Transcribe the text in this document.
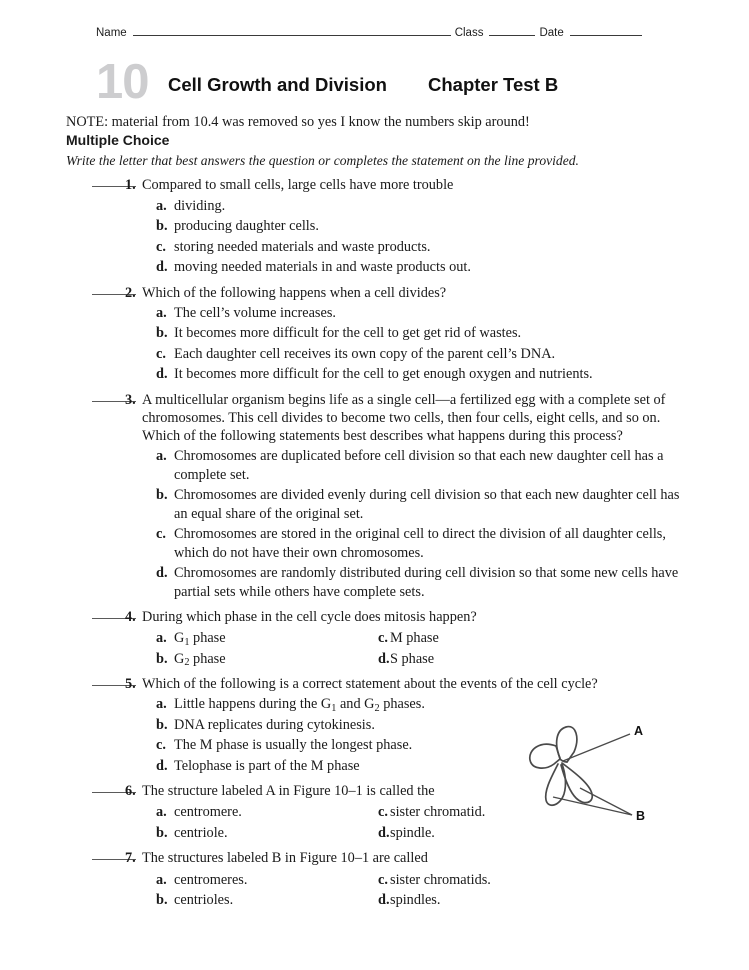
Name	Class	Date
10 Cell Growth and Division Chapter Test B

NOTE: material from 10.4 was removed so yes I know the numbers skip around!

Multiple Choice

Write the letter that best answers the question or completes the statement on the line provided.

1. Compared to small cells, large cells have more trouble
a. dividing.
b. producing daughter cells.
c. storing needed materials and waste products.
d. moving needed materials in and waste products out.
2. Which of the following happens when a cell divides?
a. The cell’s volume increases.
b. It becomes more difficult for the cell to get get rid of wastes.
c. Each daughter cell receives its own copy of the parent cell’s DNA.
d. It becomes more difficult for the cell to get enough oxygen and nutrients.
3. A multicellular organism begins life as a single cell—a fertilized egg with a complete set of chromosomes. This cell divides to become two cells, then four cells, eight cells, and so on. Which of the following statements best describes what happens during this process?
a. Chromosomes are duplicated before cell division so that each new daughter cell has a complete set.
b. Chromosomes are divided evenly during cell division so that each new daughter cell has an equal share of the original set.
c. Chromosomes are stored in the original cell to direct the division of all daughter cells, which do not have their own chromosomes.
d. Chromosomes are randomly distributed during cell division so that some new cells have partial sets while others have complete sets.
4. During which phase in the cell cycle does mitosis happen?
a. $G_1$ phase	c. M phase
b. $G_2$ phase	d. S phase
5. Which of the following is a correct statement about the events of the cell cycle?
a. Little happens during the $G_1$ and $G_2$ phases.
b. DNA replicates during cytokinesis.
c. The M phase is usually the longest phase.
d. Telophase is part of the M phase
6. The structure labeled A in Figure 10–1 is called the
a. centromere.	c. sister chromatid.
b. centriole.	d. spindle.
7. The structures labeled B in Figure 10–1 are called
a. centromeres.	c. sister chromatids.
b. centrioles.	d. spindles.
A
B
